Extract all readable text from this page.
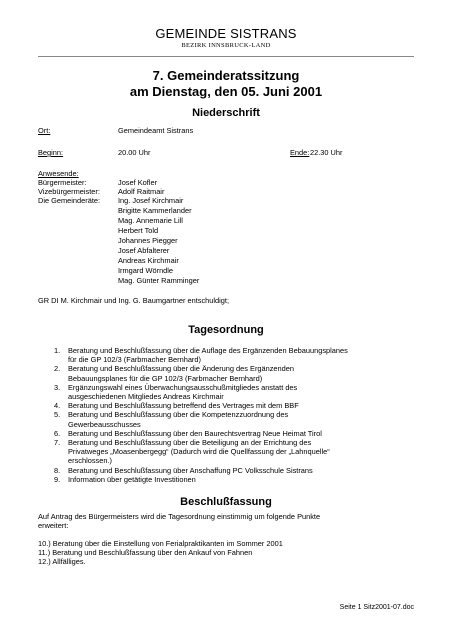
GEMEINDE SISTRANS
BEZIRK INNSBRUCK-LAND
7. Gemeinderatssitzung
am Dienstag, den 05. Juni 2001
Niederschrift
Ort:	Gemeindeamt Sistrans
Beginn:	20.00 Uhr	Ende: 22.30 Uhr
Anwesende:
Bürgermeister:	Josef Kofler
Vizebürgermeister: Adolf Raitmair
Die Gemeinderäte: Ing. Josef Kirchmair
Brigitte Kammerlander
Mag. Annemarie Lill
Herbert Told
Johannes Piegger
Josef Abfalterer
Andreas Kirchmair
Irmgard Wörndle
Mag. Günter Ramminger
GR DI M. Kirchmair und Ing. G. Baumgartner entschuldigt;
Tagesordnung
1. Beratung und Beschlußfassung über die Auflage des Ergänzenden Bebauungsplanes
für die GP 102/3 (Farbmacher Bernhard)
2. Beratung und Beschlußfassung über die Änderung des Ergänzenden
Bebauungsplanes für die GP 102/3 (Farbmacher Bernhard)
3. Ergänzungswahl eines Überwachungsausschußmitgliedes anstatt des
ausgeschiedenen Mitgliedes Andreas Kirchmair
4. Beratung und Beschlußfassung betreffend des Vertrages mit dem BBF
5. Beratung und Beschlußfassung über die Kompetenzzuordnung des
Gewerbeausschusses
6. Beratung und Beschlußfassung über den Baurechtsvertrag Neue Heimat Tirol
7. Beratung und Beschlußfassung über die Beteiligung an der Errichtung des
Privatweges „Moasenbergegg“ (Dadurch wird die Quellfassung der „Lahnquelle“
erschlossen.)
8. Beratung und Beschlußfassung über Anschaffung PC Volksschule Sistrans
9. Information über getätigte Investitionen
Beschlußfassung
Auf Antrag des Bürgermeisters wird die Tagesordnung einstimmig um folgende Punkte
erweitert:
10.) Beratung über die Einstellung von Ferialpraktikanten im Sommer 2001
11.) Beratung und Beschlußfassung über den Ankauf von Fahnen
12.) Allfälliges.
Seite 1 Sitz2001-07.doc
